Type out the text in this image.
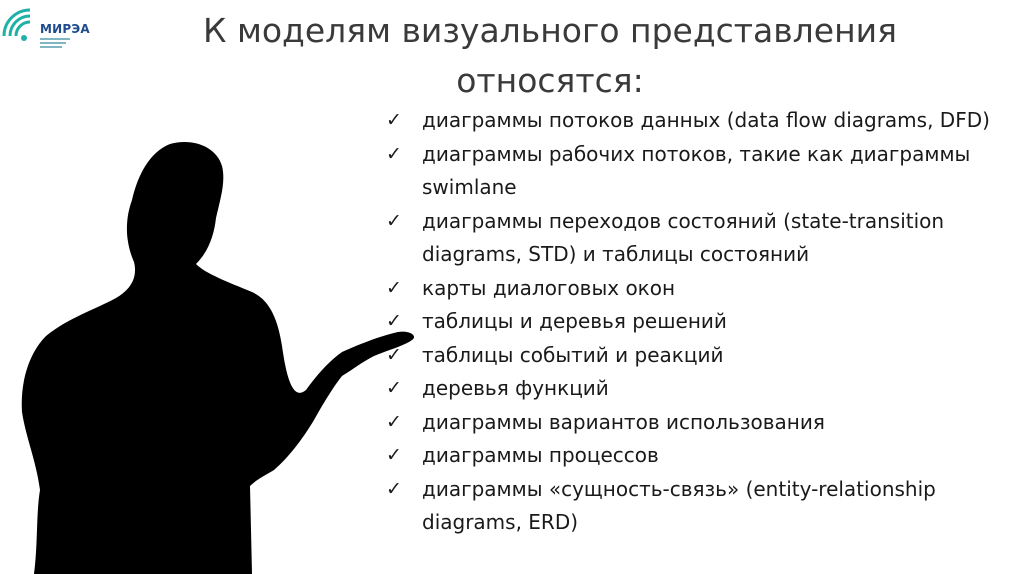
МИРЭА	К моделям визуального представления относятся:
✓ диаграммы потоков данных (data flow diagrams, DFD)
✓ диаграммы рабочих потоков, такие как диаграммы swimlane
✓ диаграммы переходов состояний (state-transition diagrams, STD) и таблицы состояний
✓ карты диалоговых окон
✓ таблицы и деревья решений
✓ таблицы событий и реакций
✓ деревья функций
✓ диаграммы вариантов использования
✓ диаграммы процессов
✓ диаграммы «сущность-связь» (entity-relationship diagrams, ERD)
